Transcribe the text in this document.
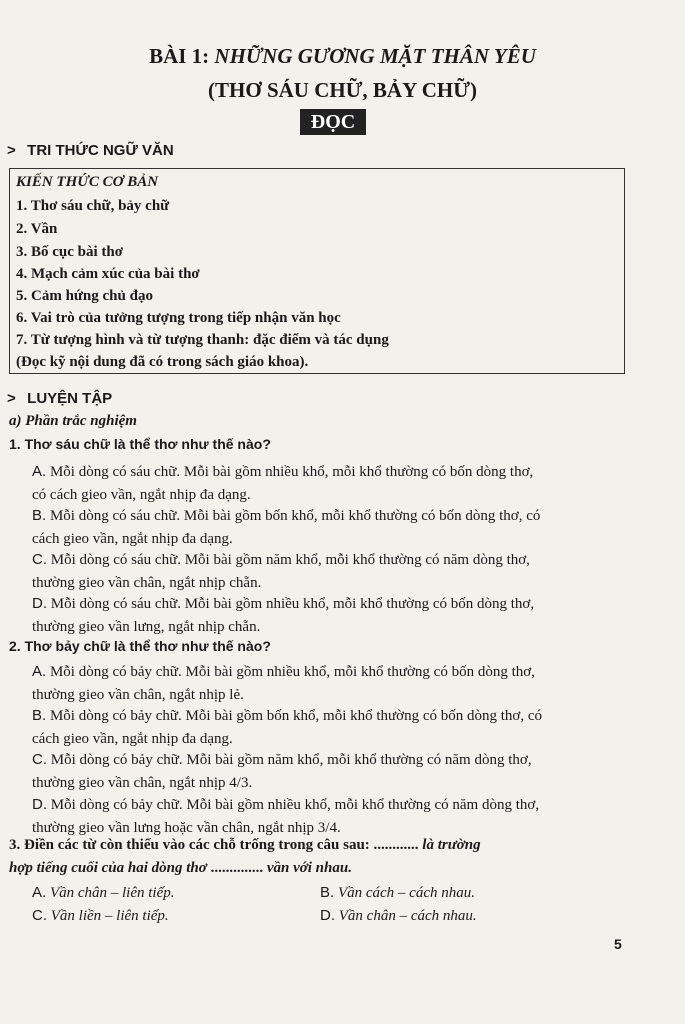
BÀI 1: NHỮNG GƯƠNG MẶT THÂN YÊU
(THƠ SÁU CHỮ, BẢY CHỮ)
ĐỌC
> TRI THỨC NGỮ VĂN
KIẾN THỨC CƠ BẢN
1. Thơ sáu chữ, bảy chữ
2. Vần
3. Bố cục bài thơ
4. Mạch cảm xúc của bài thơ
5. Cảm hứng chủ đạo
6. Vai trò của tưởng tượng trong tiếp nhận văn học
7. Từ tượng hình và từ tượng thanh: đặc điểm và tác dụng
(Đọc kỹ nội dung đã có trong sách giáo khoa).
> LUYỆN TẬP
a) Phần trắc nghiệm
1. Thơ sáu chữ là thể thơ như thế nào?
A. Mỗi dòng có sáu chữ. Mỗi bài gồm nhiều khổ, mỗi khổ thường có bốn dòng thơ,
có cách gieo vần, ngắt nhịp đa dạng.
B. Mỗi dòng có sáu chữ. Mỗi bài gồm bốn khổ, mỗi khổ thường có bốn dòng thơ, có
cách gieo vần, ngắt nhịp đa dạng.
C. Mỗi dòng có sáu chữ. Mỗi bài gồm năm khổ, mỗi khổ thường có năm dòng thơ,
thường gieo vần chân, ngắt nhịp chẵn.
D. Mỗi dòng có sáu chữ. Mỗi bài gồm nhiều khổ, mỗi khổ thường có bốn dòng thơ,
thường gieo vần lưng, ngắt nhịp chẵn.
2. Thơ bảy chữ là thể thơ như thế nào?
A. Mỗi dòng có bảy chữ. Mỗi bài gồm nhiều khổ, mỗi khổ thường có bốn dòng thơ,
thường gieo vần chân, ngắt nhịp lẻ.
B. Mỗi dòng có bảy chữ. Mỗi bài gồm bốn khổ, mỗi khổ thường có bốn dòng thơ, có
cách gieo vần, ngắt nhịp đa dạng.
C. Mỗi dòng có bảy chữ. Mỗi bài gồm năm khổ, mỗi khổ thường có năm dòng thơ,
thường gieo vần chân, ngắt nhịp 4/3.
D. Mỗi dòng có bảy chữ. Mỗi bài gồm nhiều khổ, mỗi khổ thường có năm dòng thơ,
thường gieo vần lưng hoặc vần chân, ngắt nhịp 3/4.
3. Điền các từ còn thiếu vào các chỗ trống trong câu sau: ............ là trường
hợp tiếng cuối của hai dòng thơ .............. vần với nhau.
A. Vần chân – liên tiếp.	B. Vần cách – cách nhau.
C. Vần liền – liên tiếp.	D. Vần chân – cách nhau.
5
